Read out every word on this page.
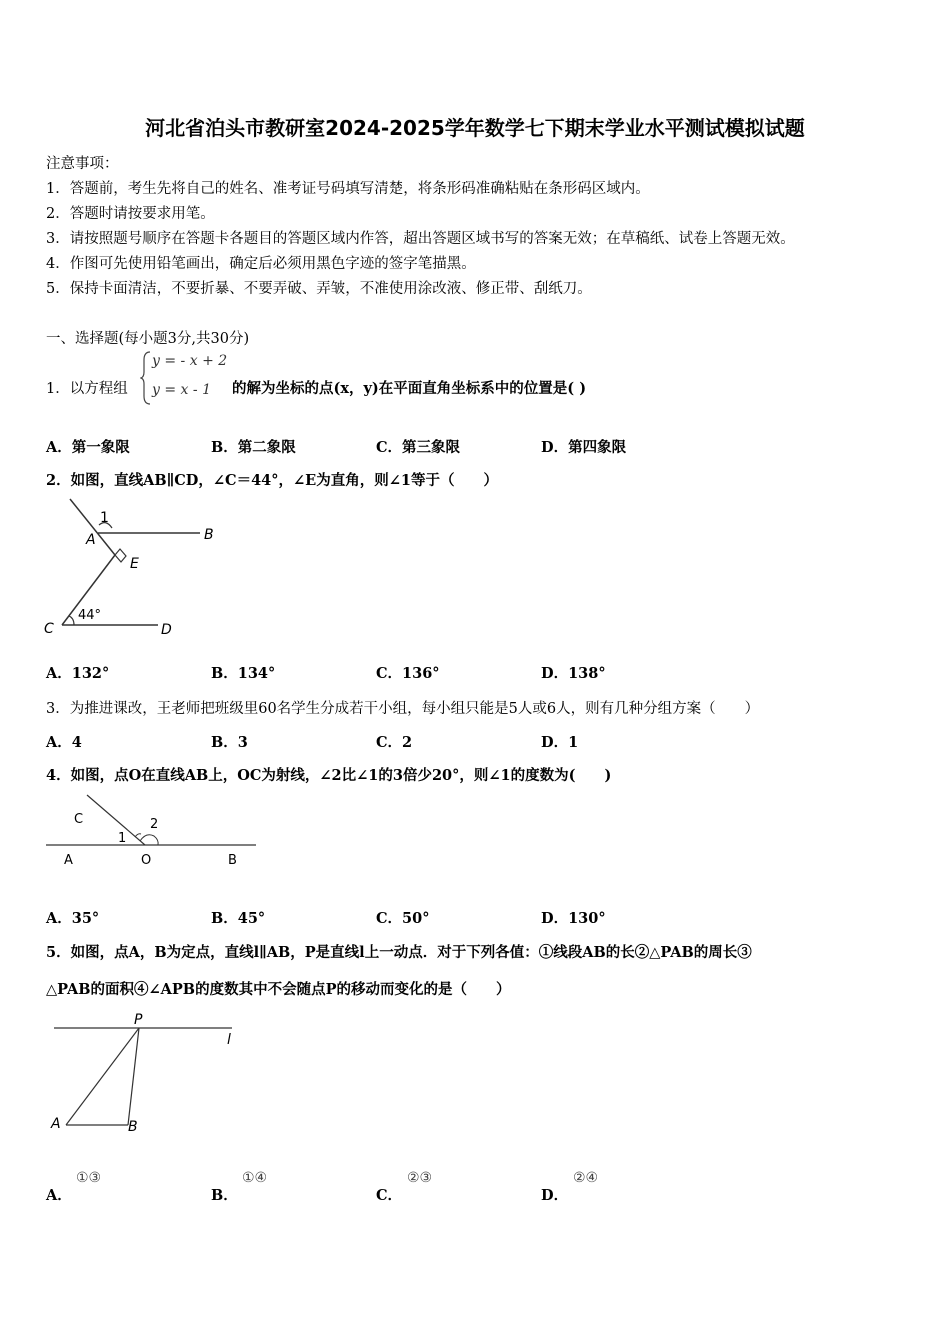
河北省泊头市教研室2024-2025学年数学七下期末学业水平测试模拟试题
注意事项：
1．答题前，考生先将自己的姓名、准考证号码填写清楚，将条形码准确粘贴在条形码区域内。
2．答题时请按要求用笔。
3．请按照题号顺序在答题卡各题目的答题区域内作答，超出答题区域书写的答案无效；在草稿纸、试卷上答题无效。
4．作图可先使用铅笔画出，确定后必须用黑色字迹的签字笔描黑。
5．保持卡面清洁，不要折暴、不要弄破、弄皱，不准使用涂改液、修正带、刮纸刀。
一、选择题(每小题3分,共30分)
1．以方程组
y = - x + 2
y = x - 1 的解为坐标的点(x，y)在平面直角坐标系中的位置是( )
A．第一象限	B．第二象限	C．第三象限	D．第四象限
2．如图，直线AB∥CD，∠C＝44°，∠E为直角，则∠1等于（　　）
1
A	B
E
44°
C	D
A．132°	B．134°	C．136°	D．138°
3．为推进课改，王老师把班级里60名学生分成若干小组，每小组只能是5人或6人，则有几种分组方案（　　）
A．4	B．3	C．2	D．1
4．如图，点O在直线AB上，OC为射线，∠2比∠1的3倍少20°，则∠1的度数为(　　)
C
1
2
A	O	B
A．35°	B．45°	C．50°	D．130°
5．如图，点A，B为定点，直线l∥AB，P是直线l上一动点．对于下列各值：①线段AB的长②△PAB的周长③
△PAB的面积④∠APB的度数其中不会随点P的移动而变化的是（　　）
P
l
A	B
A．
①③
B．
①④
C．
②③
D．
②④
